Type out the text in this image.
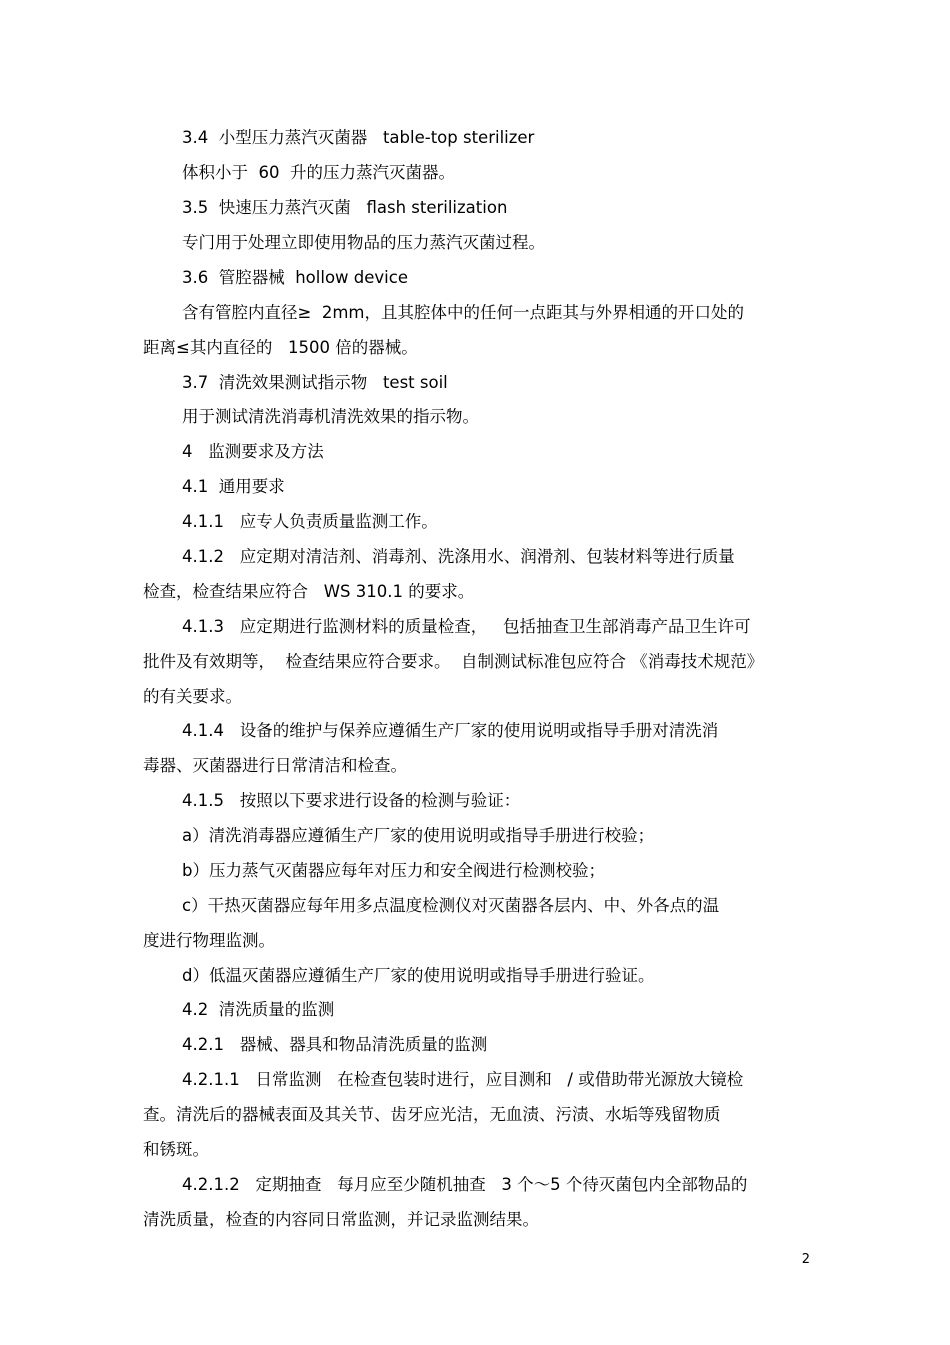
3.4  小型压力蒸汽灭菌器   table-top sterilizer
体积小于  60  升的压力蒸汽灭菌器。
3.5  快速压力蒸汽灭菌   flash sterilization
专门用于处理立即使用物品的压力蒸汽灭菌过程。
3.6  管腔器械  hollow device
含有管腔内直径≥  2mm，且其腔体中的任何一点距其与外界相通的开口处的
距离≤其内直径的   1500 倍的器械。
3.7  清洗效果测试指示物   test soil
用于测试清洗消毒机清洗效果的指示物。
4   监测要求及方法
4.1  通用要求
4.1.1   应专人负责质量监测工作。
4.1.2   应定期对清洁剂、消毒剂、洗涤用水、润滑剂、包装材料等进行质量
检查，检查结果应符合   WS 310.1 的要求。
4.1.3   应定期进行监测材料的质量检查，   包括抽查卫生部消毒产品卫生许可
批件及有效期等，  检查结果应符合要求。  自制测试标准包应符合 《消毒技术规范》
的有关要求。
4.1.4   设备的维护与保养应遵循生产厂家的使用说明或指导手册对清洗消
毒器、灭菌器进行日常清洁和检查。
4.1.5   按照以下要求进行设备的检测与验证：
a）清洗消毒器应遵循生产厂家的使用说明或指导手册进行校验；
b）压力蒸气灭菌器应每年对压力和安全阀进行检测校验；
c）干热灭菌器应每年用多点温度检测仪对灭菌器各层内、中、外各点的温
度进行物理监测。
d）低温灭菌器应遵循生产厂家的使用说明或指导手册进行验证。
4.2  清洗质量的监测
4.2.1   器械、器具和物品清洗质量的监测
4.2.1.1   日常监测   在检查包装时进行，应目测和   / 或借助带光源放大镜检
查。清洗后的器械表面及其关节、齿牙应光洁，无血渍、污渍、水垢等残留物质
和锈斑。
4.2.1.2   定期抽查   每月应至少随机抽查   3 个～5 个待灭菌包内全部物品的
清洗质量，检查的内容同日常监测，并记录监测结果。
2
